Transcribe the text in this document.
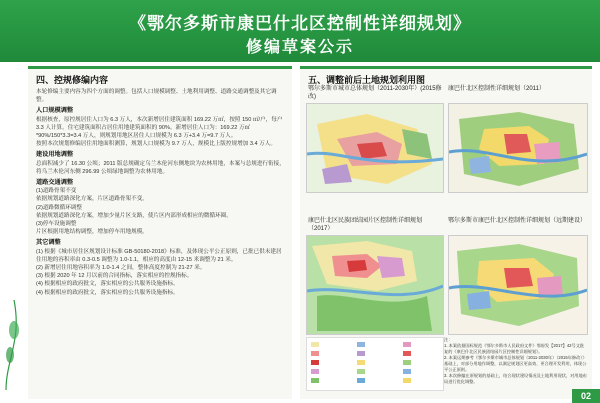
《鄂尔多斯市康巴什北区控制性详细规划》
修编草案公示
四、控规修编内容

本轮修编主要内容为四个方面的调整。包括人口规模调整、土地利用调整、道路交通调整及其它调整。

人口规模调整

根据核查，原控规居住人口为 6.3 万人，本次新增居住建筑面积 169.22 万㎡，按照 150 ㎡/户，每户 3.3 人计算。住宅建筑面积占居住用地建筑面积的 90%。新增居住人口为：169.22 万㎡*90%/150*3.3=3.4 万人，则规划用地区居住人口规模为 6.3 万+3.4 万=9.7 万人。

按照本次规划修编居住用地面积测算，规划人口规模为 9.7 万人，规模比上版控规增加 3.4 万人。

建设用地调整

总面积减少了 16.30 公顷；2011 版总规确定乌兰木伦河东侧地块为农林用地，本案与总规进行衔接，将乌兰木伦河东侧 296.99 公顷绿地调整为农林用地。

道路交通调整

(1)道路骨架不变

依据规划道路深化方案，片区道路骨架不变。

(2)道路微循环调整

依据规划道路深化方案，增加少量片区支路，使片区内部形成相应的微循环圈。

(3)停车设施调整

片区根据用地结构调整，增加停车用地规模。

其它调整

(1) 根据《城市居住区规划设计标准 GB-50180-2018》标准，及体现公平公正原则，已批已供未建居住用地的容积率由 0.3-0.5 调整为 1.0-1.1，相应的高度由 12-15 米调整为 21 米。

(2) 新增居住用地容积率为 1.0-1.4 之间，整体高度控制为 21-27 米。

(3) 根据 2020 年 12 月以前的合同指标，落实相应的控规指标。

(4) 根据相应的政府批文，落实相应的公共服务设施指标。

(4) 根据相应的政府批文，落实相应的公共服务设施指标。

五、调整前后土地规划利用图
鄂尔多斯市城市总体规划（2011-2030年）(2015修改)
康巴什北区控制性详细规划（2011）
康巴什北区民族团结园片区控制性详细规划（2017）
鄂尔多斯市康巴什北区控制性详细规划（远期建设）
注：
1. 本案依据国标规范《鄂尔多斯市人民政府文件》鄂府发【2017】42号文批复的《康巴什北区民族团结园片区控制性详细规划》。
2. 本案远期参考《鄂尔多斯市城市总体规划（2011-2030年）（2015年修改）》基础上，对部分用地作调整，以满足规划区更高效、更合理开发利用，体现公平公正原则。
3. 本次修编在原规划的基础上，结合现状建设情况及土地利用现状，对用地布局进行优化调整。
02
